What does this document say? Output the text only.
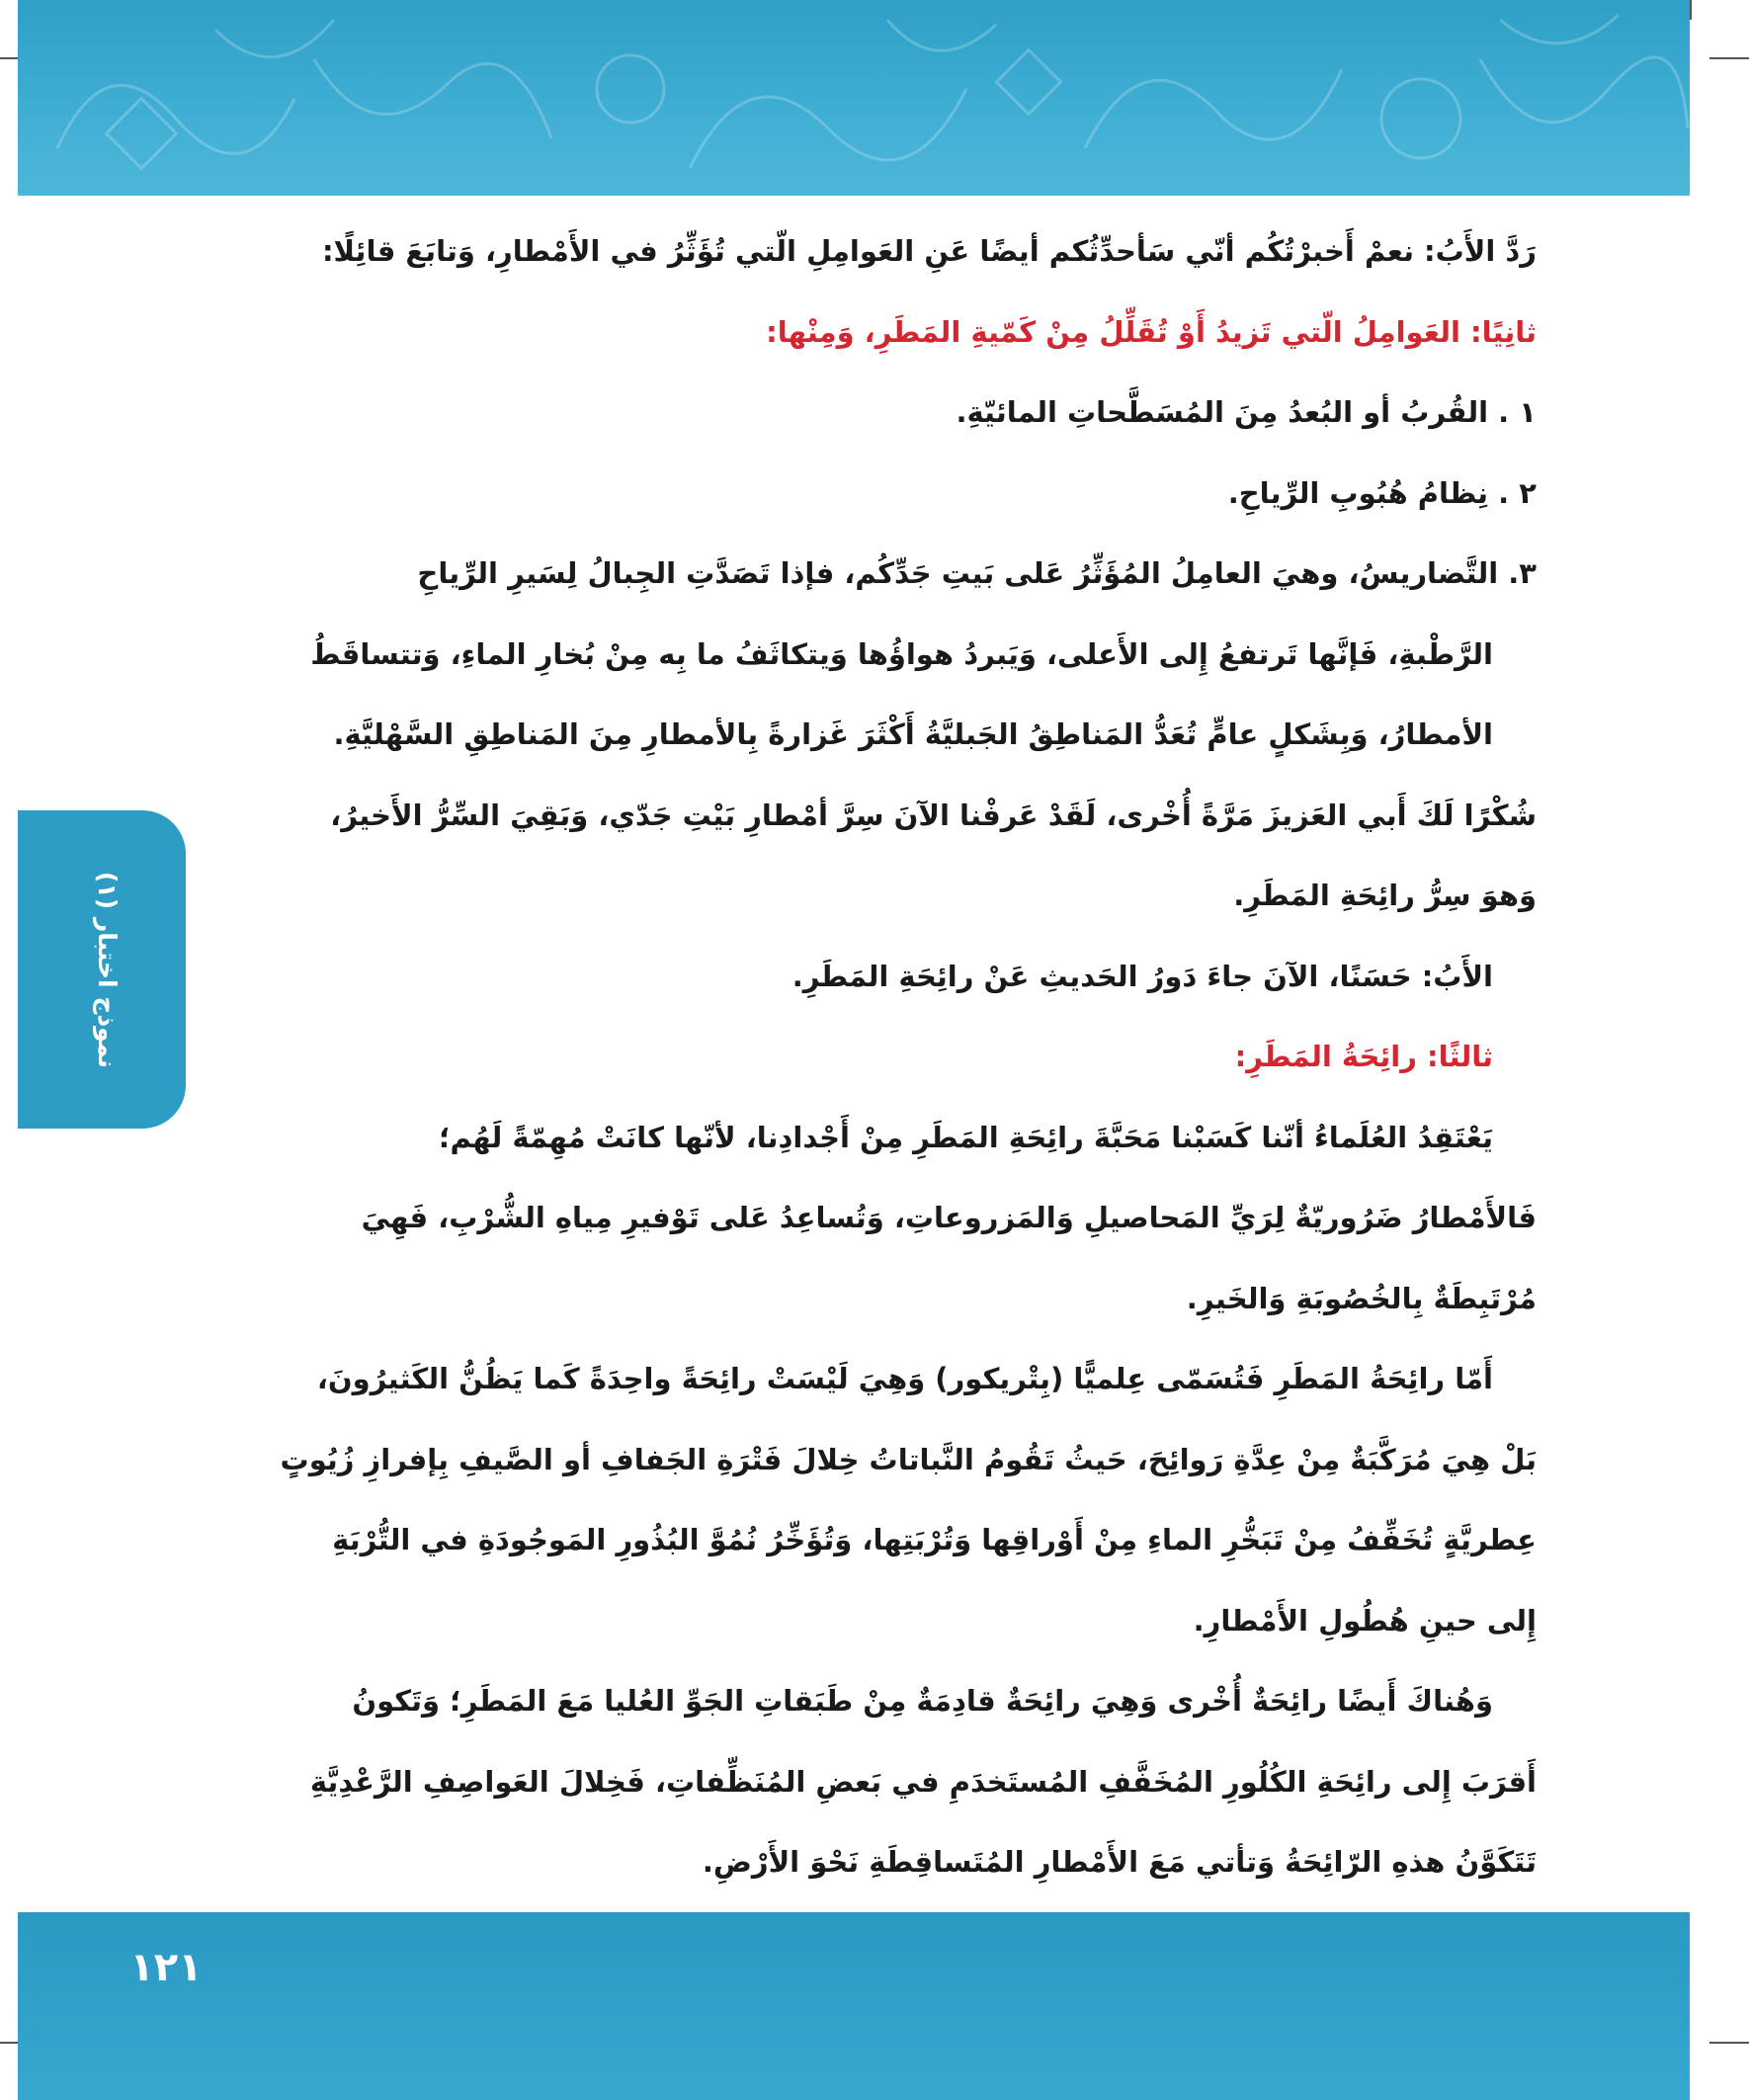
نموذج اختبار (١)
رَدَّ الأَبُ: نعمْ أَخبرْتُكُم أنّي سَأحدِّثُكم أيضًا عَنِ العَوامِلِ الّتي تُؤَثِّرُ في الأَمْطارِ، وَتابَعَ قائِلًا:
ثانِيًا: العَوامِلُ الّتي تَزيدُ أَوْ تُقَلِّلُ مِنْ كَمّيةِ المَطَرِ، وَمِنْها:
١ . القُربُ أو البُعدُ مِنَ المُسَطَّحاتِ المائيّةِ.
٢ . نِظامُ هُبُوبِ الرِّياحِ.
٣. التَّضاريسُ، وهيَ العامِلُ المُؤَثِّرُ عَلى بَيتِ جَدِّكُم، فإذا تَصَدَّتِ الجِبالُ لِسَيرِ الرِّياحِ
الرَّطْبةِ، فَإنَّها تَرتفعُ إِلى الأَعلى، وَيَبردُ هواؤُها وَيتكاثَفُ ما بِه مِنْ بُخارِ الماءِ، وَتتساقَطُ
الأمطارُ، وَبِشَكلٍ عامٍّ تُعَدُّ المَناطِقُ الجَبليَّةُ أَكْثَرَ غَزارةً بِالأمطارِ مِنَ المَناطِقِ السَّهْليَّةِ.
شُكْرًا لَكَ أَبي العَزيزَ مَرَّةً أُخْرى، لَقَدْ عَرفْنا الآنَ سِرَّ أمْطارِ بَيْتِ جَدّي، وَبَقِيَ السِّرُّ الأَخيرُ،
وَهوَ سِرُّ رائِحَةِ المَطَرِ.
الأَبُ: حَسَنًا، الآنَ جاءَ دَورُ الحَديثِ عَنْ رائِحَةِ المَطَرِ.
ثالثًا: رائِحَةُ المَطَرِ:
يَعْتَقِدُ العُلَماءُ أنّنا كَسَبْنا مَحَبَّةَ رائِحَةِ المَطَرِ مِنْ أَجْدادِنا، لأنّها كانَتْ مُهِمّةً لَهُم؛
فَالأَمْطارُ ضَرُوريّةٌ لِرَيِّ المَحاصيلِ وَالمَزروعاتِ، وَتُساعِدُ عَلى تَوْفيرِ مِياهِ الشُّرْبِ، فَهِيَ
مُرْتَبِطَةٌ بِالخُصُوبَةِ وَالخَيرِ.
أَمّا رائِحَةُ المَطَرِ فَتُسَمّى عِلميًّا (بِتْريكور) وَهِيَ لَيْسَتْ رائِحَةً واحِدَةً كَما يَظُنُّ الكَثيرُونَ،
بَلْ هِيَ مُرَكَّبَةٌ مِنْ عِدَّةِ رَوائِحَ، حَيثُ تَقُومُ النَّباتاتُ خِلالَ فَتْرَةِ الجَفافِ أو الصَّيفِ بِإفرازِ زُيُوتٍ
عِطريَّةٍ تُخَفِّفُ مِنْ تَبَخُّرِ الماءِ مِنْ أَوْراقِها وَتُرْبَتِها، وَتُؤَخِّرُ نُمُوَّ البُذُورِ المَوجُودَةِ في التُّرْبَةِ
إِلى حينِ هُطُولِ الأَمْطارِ.
وَهُناكَ أَيضًا رائِحَةٌ أُخْرى وَهِيَ رائِحَةٌ قادِمَةٌ مِنْ طَبَقاتِ الجَوِّ العُليا مَعَ المَطَرِ؛ وَتَكونُ
أَقرَبَ إِلى رائِحَةِ الكُلُورِ المُخَفَّفِ المُستَخدَمِ في بَعضِ المُنَظِّفاتِ، فَخِلالَ العَواصِفِ الرَّعْدِيَّةِ
تَتَكَوَّنُ هذهِ الرّائِحَةُ وَتأتي مَعَ الأَمْطارِ المُتَساقِطَةِ نَحْوَ الأَرْضِ.
١٢١
